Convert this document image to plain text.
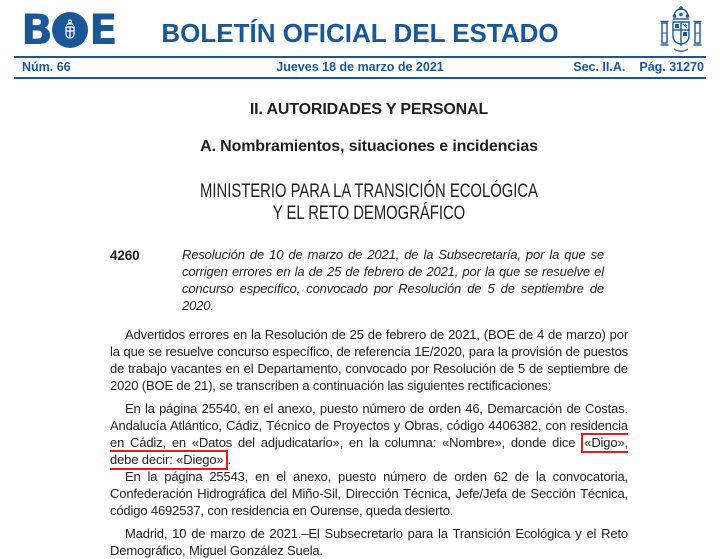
B E	BOLETÍN OFICIAL DEL ESTADO
Núm. 66	Jueves 18 de marzo de 2021	Sec. II.A. Pág. 31270
II. AUTORIDADES Y PERSONAL
A. Nombramientos, situaciones e incidencias
MINISTERIO PARA LA TRANSICIÓN ECOLÓGICA
Y EL RETO DEMOGRÁFICO
4260	Resolución de 10 de marzo de 2021, de la Subsecretaría, por la que se corrigen errores en la de 25 de febrero de 2021, por la que se resuelve el concurso específico, convocado por Resolución de 5 de septiembre de 2020.

Advertidos errores en la Resolución de 25 de febrero de 2021, (BOE de 4 de marzo) por la que se resuelve concurso específico, de referencia 1E/2020, para la provisión de puestos de trabajo vacantes en el Departamento, convocado por Resolución de 5 de septiembre de 2020 (BOE de 21), se transcriben a continuación las siguientes rectificaciones:

En la página 25540, en el anexo, puesto número de orden 46, Demarcación de Costas. Andalucía Atlántico, Cádiz, Técnico de Proyectos y Obras, código 4406382, con residencia en Cádiz, en «Datos del adjudicatario», en la columna: «Nombre», donde dice «Digo», debe decir: «Diego» .

En la página 25543, en el anexo, puesto número de orden 62 de la convocatoria, Confederación Hidrográfica del Miño-Sil, Dirección Técnica, Jefe/Jefa de Sección Técnica, código 4692537, con residencia en Ourense, queda desierto.

Madrid, 10 de marzo de 2021.–El Subsecretario para la Transición Ecológica y el Reto Demográfico, Miguel González Suela.
